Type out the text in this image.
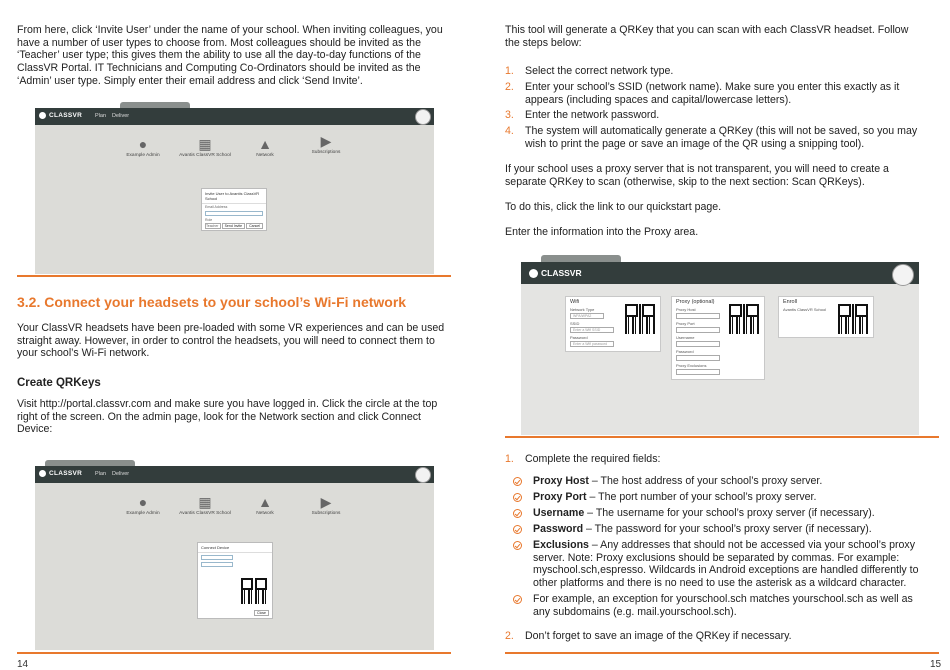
From here, click ‘Invite User’ under the name of your school. When inviting colleagues, you have a number of user types to choose from. Most colleagues should be invited as the ‘Teacher’ user type; this gives them the ability to use all the day-to-day functions of the ClassVR Portal. IT Technicians and Computing Co-Ordinators should be invited as the ‘Admin’ user type. Simply enter their email address and click ‘Send Invite’.

CLASSVR Plan Deliver
●
Example Admin

▦
Avantis ClassVR School
▲
Network
▶
Subscriptions
Invite User to Avantis ClassVR School
Email Address
Role
Teacher	Send Invite Cancel
3.2. Connect your headsets to your school’s Wi-Fi network

Your ClassVR headsets have been pre-loaded with some VR experiences and can be used straight away. However, in order to control the headsets, you will need to connect them to your school’s Wi-Fi network.

Create QRKeys

Visit http://portal.classvr.com and make sure you have logged in. Click the circle at the top right of the screen. On the admin page, look for the Network section and click Connect Device:

CLASSVR Plan Deliver
●
Example Admin
▦
Avantis ClassVR School
▲
Network
▶
Subscriptions
Connect Device
Close
14

This tool will generate a QRKey that you can scan with each ClassVR headset. Follow the steps below:

1. Select the correct network type.
2. Enter your school’s SSID (network name). Make sure you enter this exactly as it appears (including spaces and capital/lowercase letters).
3. Enter the network password.
4. The system will automatically generate a QRKey (this will not be saved, so you may wish to print the page or save an image of the QR using a snipping tool).

If your school uses a proxy server that is not transparent, you will need to create a separate QRKey to scan (otherwise, skip to the next section: Scan QRKeys).

To do this, click the link to our quickstart page.

Enter the information into the Proxy area.

CLASSVR
Wifi
Network Type
WPA/WPA2
SSID
Enter a Wifi SSID
Password
Enter a Wifi password
Proxy (optional)
Proxy Host
Proxy Port
Username
Password
Proxy Exclusions
Enroll
Avantis ClassVR School
1. Complete the required fields:
Proxy Host – The host address of your school’s proxy server.
Proxy Port – The port number of your school’s proxy server.
Username – The username for your school’s proxy server (if necessary).
Password – The password for your school’s proxy server (if necessary).
Exclusions – Any addresses that should not be accessed via your school’s proxy server. Note: Proxy exclusions should be separated by commas. For example: myschool.sch,espresso. Wildcards in Android exceptions are handled differently to other platforms and there is no need to use the asterisk as a wildcard character.
For example, an exception for yourschool.sch matches yourschool.sch as well as any subdomains (e.g. mail.yourschool.sch).
2. Don’t forget to save an image of the QRKey if necessary.
15
